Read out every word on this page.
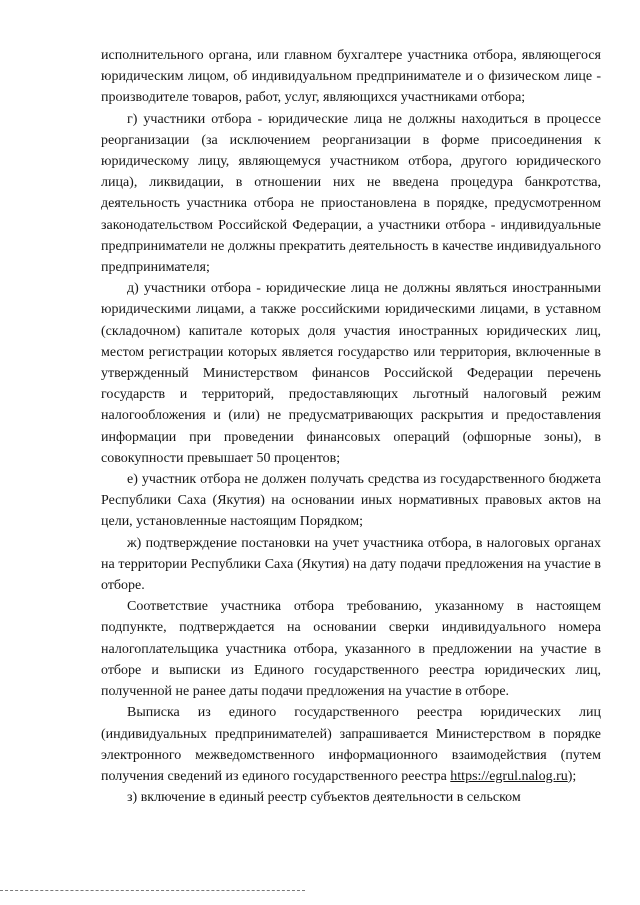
исполнительного органа, или главном бухгалтере участника отбора, являющегося юридическим лицом, об индивидуальном предпринимателе и о физическом лице - производителе товаров, работ, услуг, являющихся участниками отбора;

г) участники отбора - юридические лица не должны находиться в процессе реорганизации (за исключением реорганизации в форме присоединения к юридическому лицу, являющемуся участником отбора, другого юридического лица), ликвидации, в отношении них не введена процедура банкротства, деятельность участника отбора не приостановлена в порядке, предусмотренном законодательством Российской Федерации, а участники отбора - индивидуальные предприниматели не должны прекратить деятельность в качестве индивидуального предпринимателя;

д) участники отбора - юридические лица не должны являться иностранными юридическими лицами, а также российскими юридическими лицами, в уставном (складочном) капитале которых доля участия иностранных юридических лиц, местом регистрации которых является государство или территория, включенные в утвержденный Министерством финансов Российской Федерации перечень государств и территорий, предоставляющих льготный налоговый режим налогообложения и (или) не предусматривающих раскрытия и предоставления информации при проведении финансовых операций (офшорные зоны), в совокупности превышает 50 процентов;

е) участник отбора не должен получать средства из государственного бюджета Республики Саха (Якутия) на основании иных нормативных правовых актов на цели, установленные настоящим Порядком;

ж) подтверждение постановки на учет участника отбора, в налоговых органах на территории Республики Саха (Якутия) на дату подачи предложения на участие в отборе.

Соответствие участника отбора требованию, указанному в настоящем подпункте, подтверждается на основании сверки индивидуального номера налогоплательщика участника отбора, указанного в предложении на участие в отборе и выписки из Единого государственного реестра юридических лиц, полученной не ранее даты подачи предложения на участие в отборе.

Выписка из единого государственного реестра юридических лиц (индивидуальных предпринимателей) запрашивается Министерством в порядке электронного межведомственного информационного взаимодействия (путем получения сведений из единого государственного реестра https://egrul.nalog.ru);

з) включение в единый реестр субъектов деятельности в сельском
